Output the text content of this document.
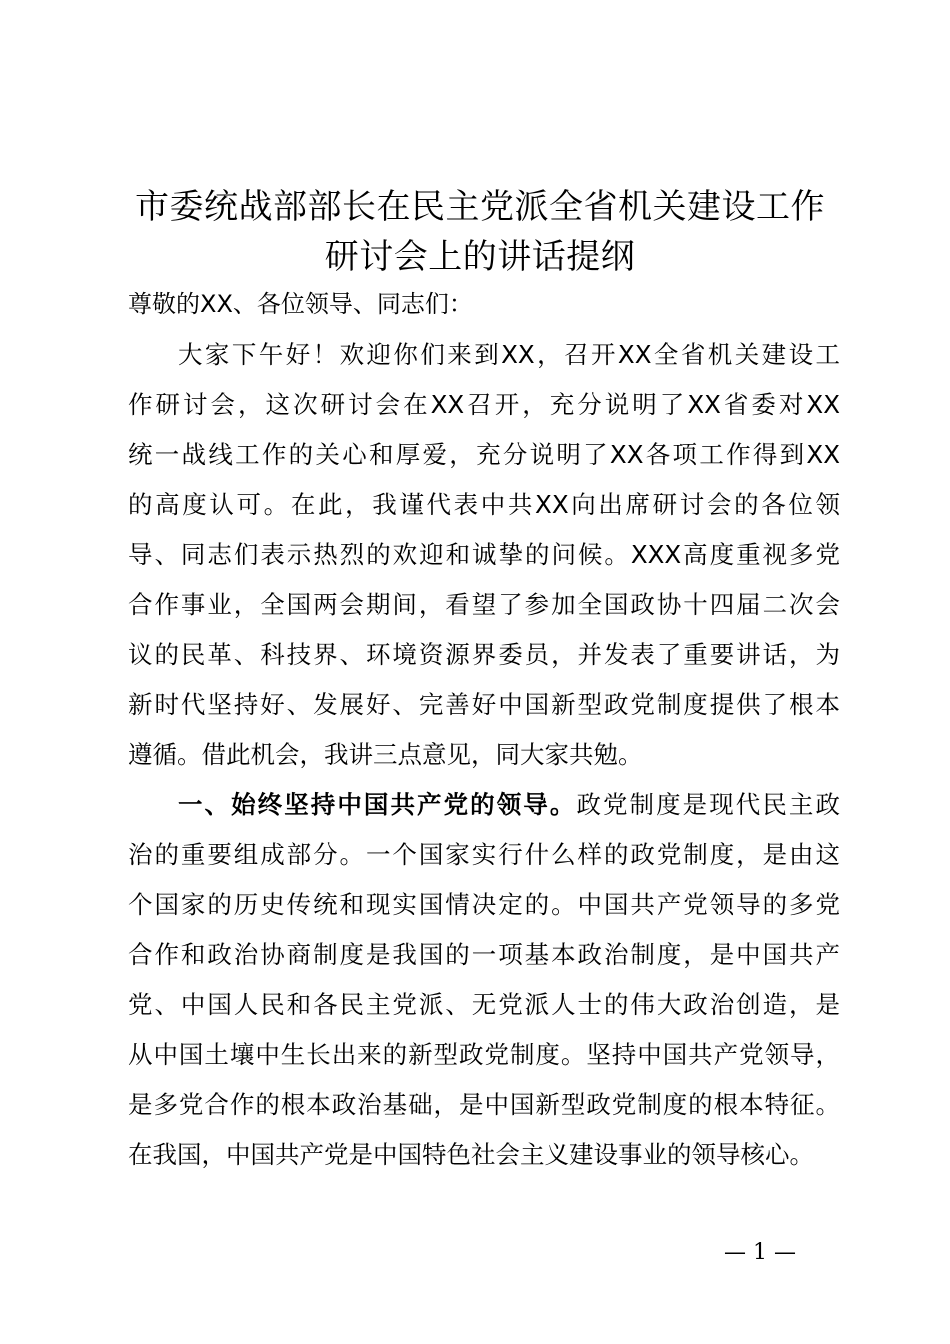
市委统战部部长在民主党派全省机关建设工作
研讨会上的讲话提纲
尊敬的XX、各位领导、同志们：
大家下午好！欢迎你们来到XX，召开XX全省机关建设工
作研讨会，这次研讨会在XX召开，充分说明了XX省委对XX
统一战线工作的关心和厚爱，充分说明了XX各项工作得到XX
的高度认可。在此，我谨代表中共XX向出席研讨会的各位领
导、同志们表示热烈的欢迎和诚挚的问候。XXX高度重视多党
合作事业，全国两会期间，看望了参加全国政协十四届二次会
议的民革、科技界、环境资源界委员，并发表了重要讲话，为
新时代坚持好、发展好、完善好中国新型政党制度提供了根本
遵循。借此机会，我讲三点意见，同大家共勉。
一、始终坚持中国共产党的领导。政党制度是现代民主政
治的重要组成部分。一个国家实行什么样的政党制度，是由这
个国家的历史传统和现实国情决定的。中国共产党领导的多党
合作和政治协商制度是我国的一项基本政治制度，是中国共产
党、中国人民和各民主党派、无党派人士的伟大政治创造，是
从中国土壤中生长出来的新型政党制度。坚持中国共产党领导，
是多党合作的根本政治基础，是中国新型政党制度的根本特征。
在我国，中国共产党是中国特色社会主义建设事业的领导核心。
— 1 —
